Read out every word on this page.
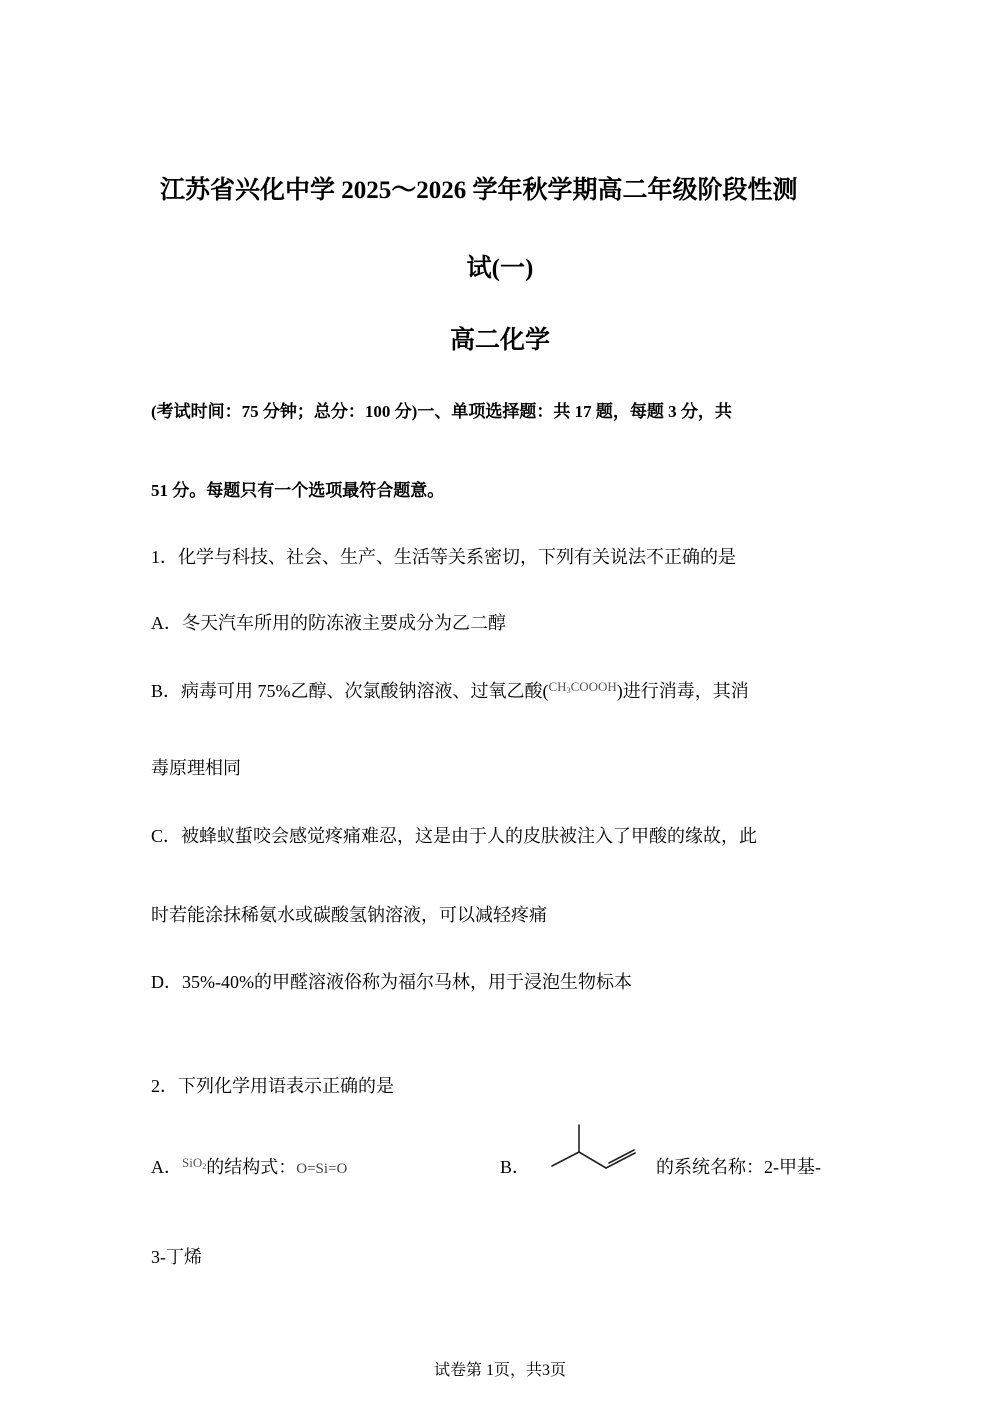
江苏省兴化中学 2025～2026 学年秋学期高二年级阶段性测
试(一)
高二化学
(考试时间：75 分钟；总分：100 分)一、单项选择题：共 17 题，每题 3 分，共
51 分。每题只有一个选项最符合题意。
1．化学与科技、社会、生产、生活等关系密切，下列有关说法不正确的是
A．冬天汽车所用的防冻液主要成分为乙二醇
B．病毒可用 75%乙醇、次氯酸钠溶液、过氧乙酸($^{CH_3COOOH}$)进行消毒，其消
毒原理相同
C．被蜂蚁蜇咬会感觉疼痛难忍，这是由于人的皮肤被注入了甲酸的缘故，此
时若能涂抹稀氨水或碳酸氢钠溶液，可以减轻疼痛
D．35%-40%的甲醛溶液俗称为福尔马林，用于浸泡生物标本
2．下列化学用语表示正确的是
A．$^{SiO_2}$的结构式：O=Si=O	B．	的系统名称：2-甲基-
3-丁烯
试卷第 1页，共3页
